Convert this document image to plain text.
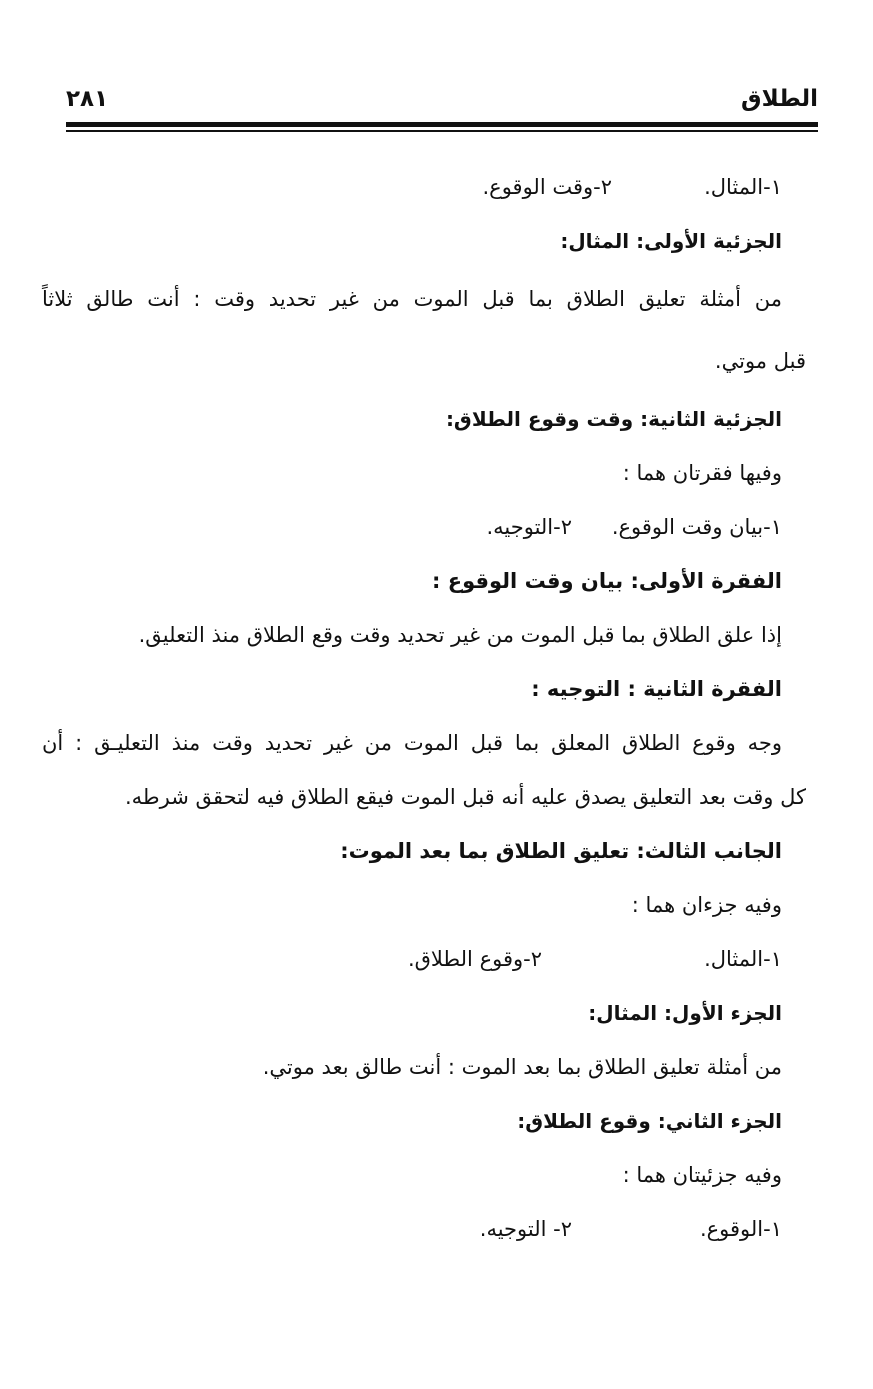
الطلاق
٢٨١
١-المثال.
٢-وقت الوقوع.
الجزئية الأولى: المثال:
من أمثلة تعليق الطلاق بما قبل الموت من غير تحديد وقت : أنت طالق ثلاثاً
قبل موتي.
الجزئية الثانية: وقت وقوع الطلاق:
وفيها فقرتان هما :
١-بيان وقت الوقوع.
٢-التوجيه.
الفقرة الأولى: بيان وقت الوقوع :
إذا علق الطلاق بما قبل الموت من غير تحديد وقت وقع الطلاق منذ التعليق.
الفقرة الثانية : التوجيه :
وجه وقوع الطلاق المعلق بما قبل الموت من غير تحديد وقت منذ التعليـق : أن
كل وقت بعد التعليق يصدق عليه أنه قبل الموت فيقع الطلاق فيه لتحقق شرطه.
الجانب الثالث: تعليق الطلاق بما بعد الموت:
وفيه جزءان هما :
١-المثال.
٢-وقوع الطلاق.
الجزء الأول: المثال:
من أمثلة تعليق الطلاق بما بعد الموت : أنت طالق بعد موتي.
الجزء الثاني: وقوع الطلاق:
وفيه جزئيتان هما :
١-الوقوع.
٢- التوجيه.
